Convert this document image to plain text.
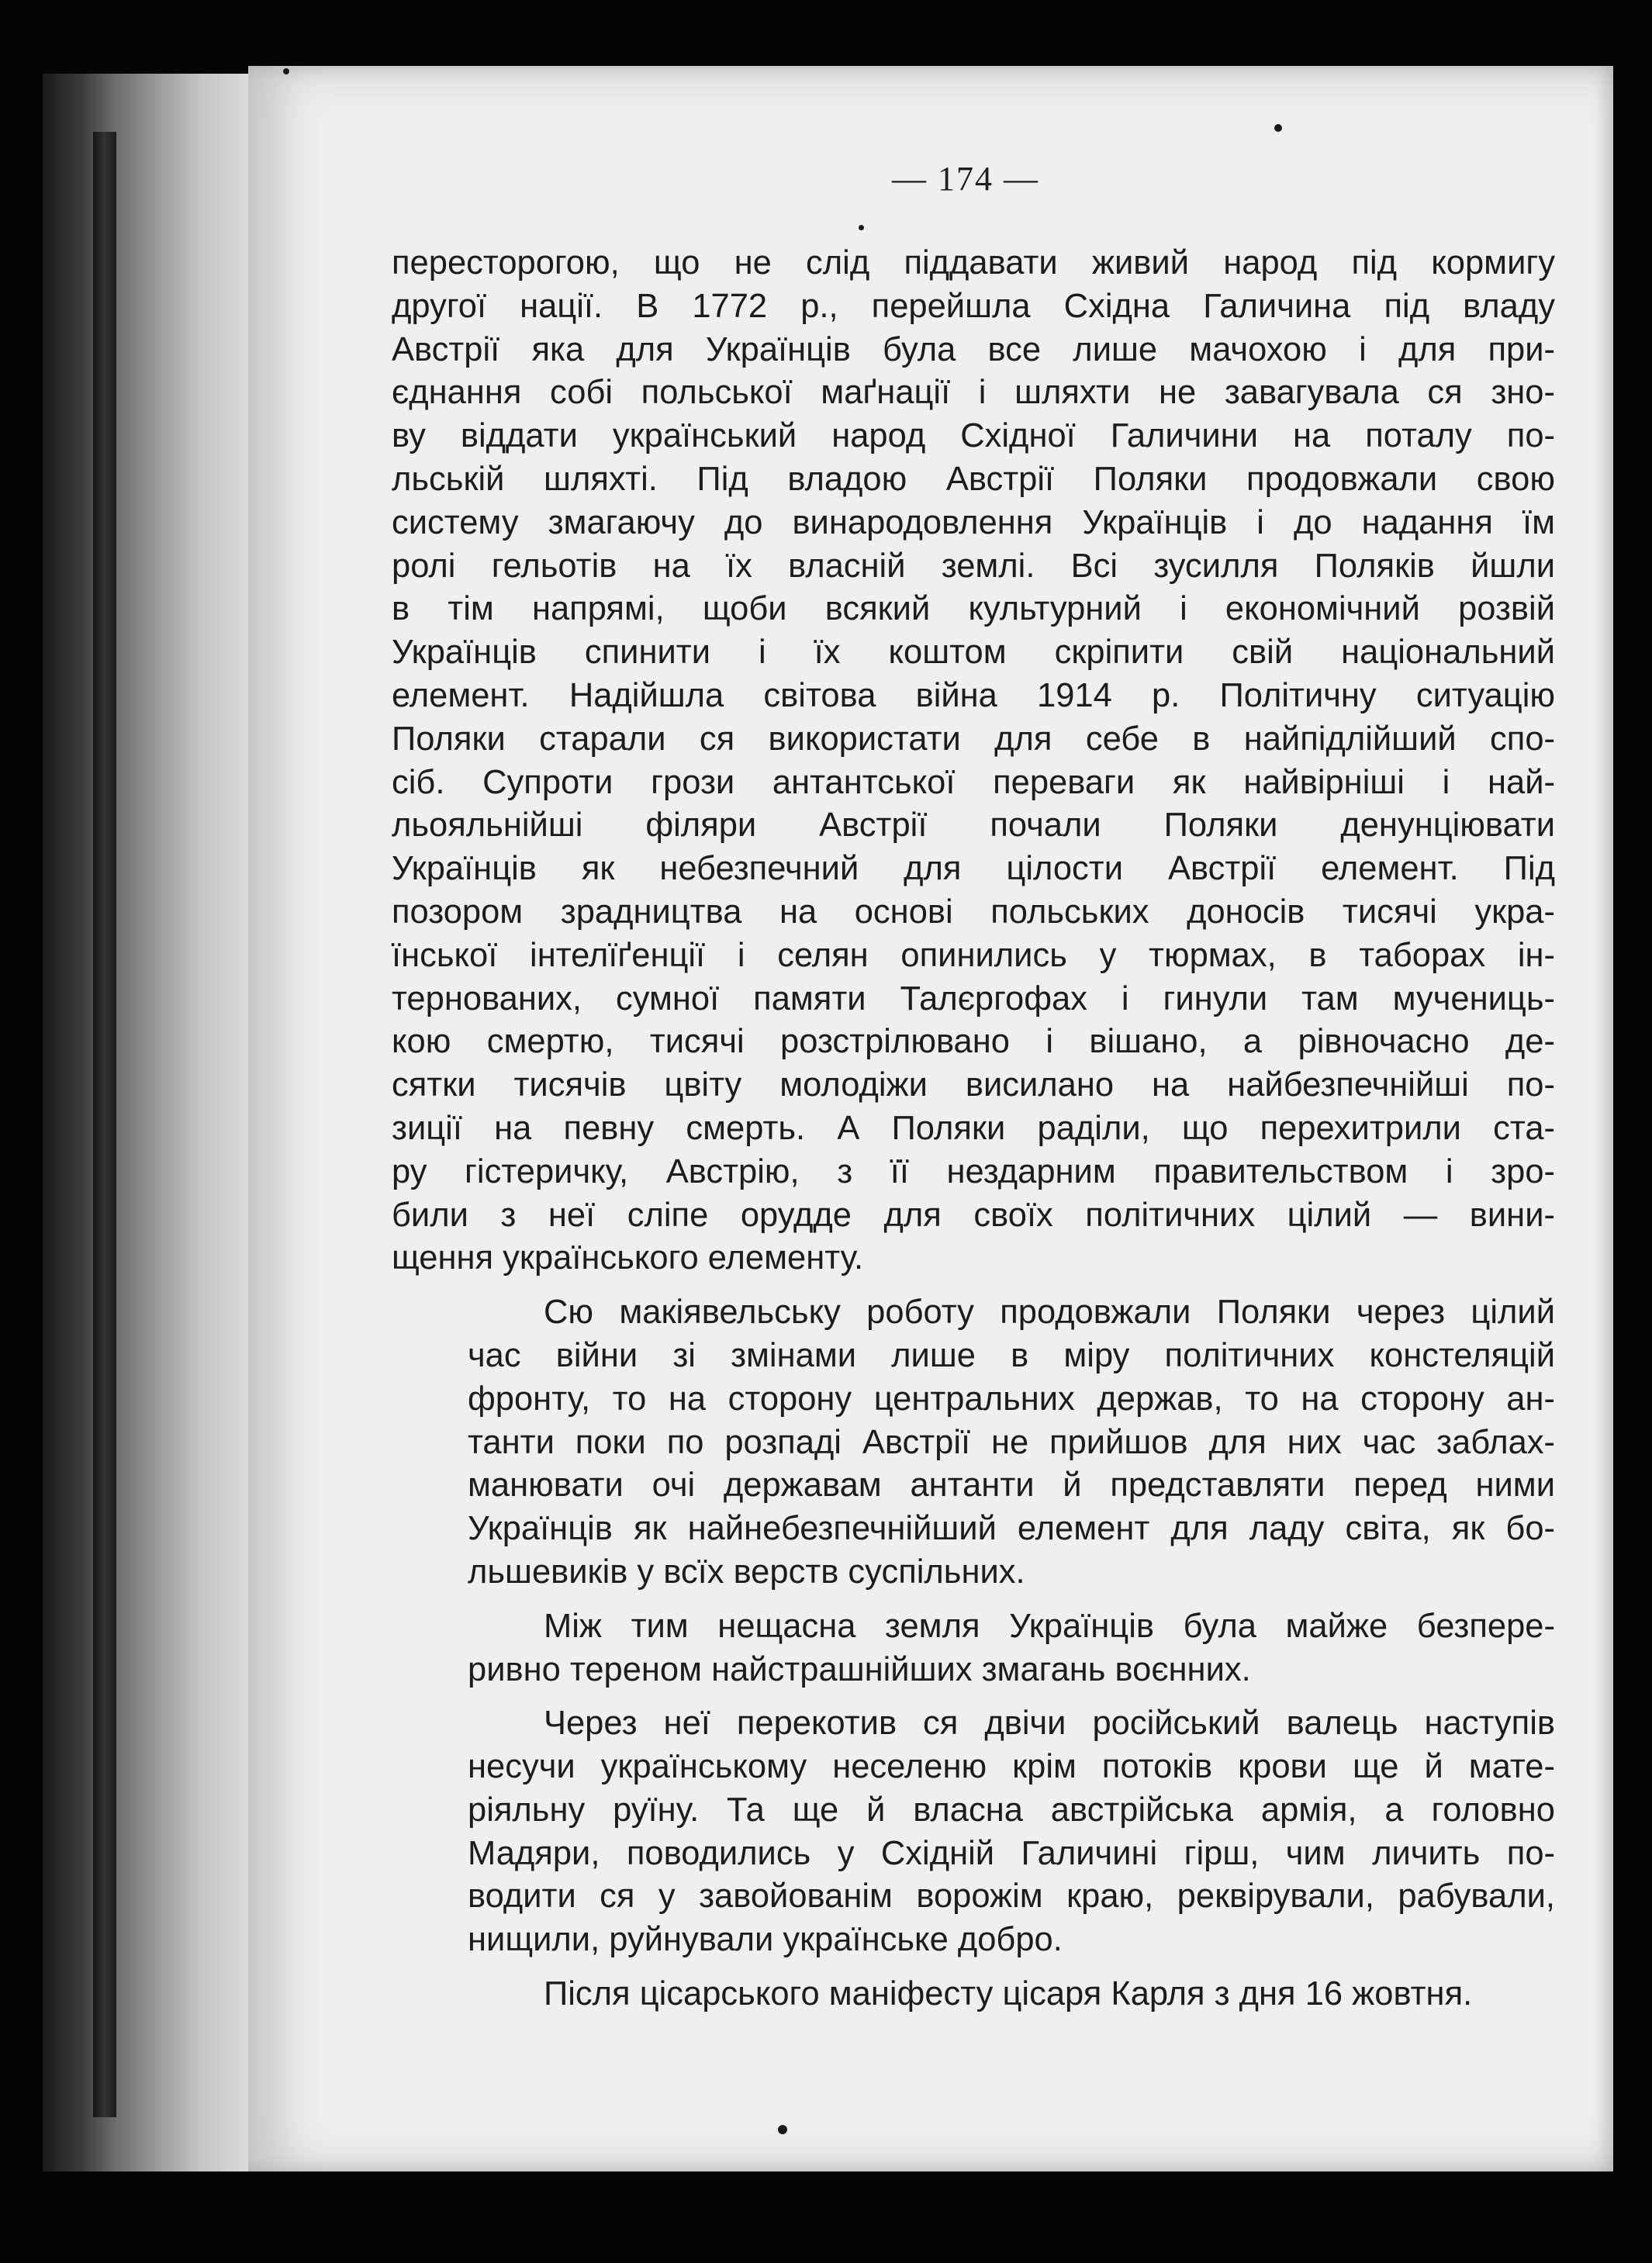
— 174 —
пересторогою, що не слід піддавати живий народ під кормигу
другої нації. В 1772 р., перейшла Східна Галичина під владу
Австрії яка для Українців була все лише мачохою і для при-
єднання собі польської маґнації і шляхти не завагувала ся зно-
ву віддати український народ Східної Галичини на поталу по-
льській шляхті. Під владою Австрії Поляки продовжали свою
систему змагаючу до винародовлення Українців і до надання їм
ролі гельотів на їх власній землі. Всі зусилля Поляків йшли
в тім напрямі, щоби всякий культурний і економічний розвій
Українців спинити і їх коштом скріпити свій національний
елемент. Надійшла світова війна 1914 р. Політичну ситуацію
Поляки старали ся використати для себе в найпідлійший спо-
сіб. Супроти грози антантської переваги як найвірніші і най-
льояльнійші філяри Австрії почали Поляки денунціювати
Українців як небезпечний для цілости Австрії елемент. Під
позором зрадництва на основі польських доносів тисячі укра-
їнської інтелїґенції і селян опинились у тюрмах, в таборах ін-
тернованих, сумної памяти Талєргофах і гинули там мучениць-
кою смертю, тисячі розстрілювано і вішано, а рівночасно де-
сятки тисячів цвіту молодіжи висилано на найбезпечнійші по-
зиції на певну смерть. А Поляки раділи, що перехитрили ста-
ру гістеричку, Австрію, з її нездарним правительством і зро-
били з неї сліпе орудде для своїх політичних цілий — вини-
щення українського елементу.
Сю макіявельську роботу продовжали Поляки через цілий
час війни зі змінами лише в міру політичних констеляцій
фронту, то на сторону центральних держав, то на сторону ан-
танти поки по розпаді Австрії не прийшов для них час заблах-
манювати очі державам антанти й представляти перед ними
Українців як найнебезпечнійший елемент для ладу світа, як бо-
льшевиків у всїх верств суспільних.
Між тим нещасна земля Українців була майже безпере-
ривно тереном найстрашнійших змагань воєнних.
Через неї перекотив ся двічи російський валець наступів
несучи українському неселеню крім потоків крови ще й мате-
ріяльну руїну. Та ще й власна австрійська армія, а головно
Мадяри, поводились у Східній Галичині гірш, чим личить по-
водити ся у завойованім ворожім краю, реквірували, рабували,
нищили, руйнували українське добро.
Після цісарського маніфесту цісаря Карля з дня 16 жовтня.
